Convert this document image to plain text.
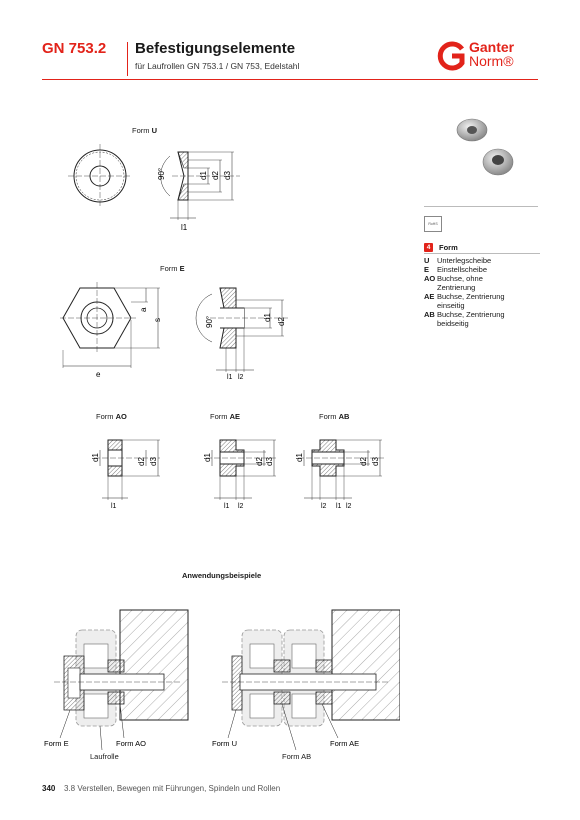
GN 753.2 Befestigungselemente
für Laufrollen GN 753.1 / GN 753, Edelstahl
Ganter
Norm®
Form U
90°	d1 d2 d3
l1
Form E
a
s
e
90°	d1 d2
l1 l2
Form AO	Form AE	Form AB
d1	d2 d3
l1
d1	d2 d3
l1 l2
d1	d2 d3
l2 l1 l2
Anwendungsbeispiele
Form E	Form AO	Form U	Form AE
Laufrolle	Form AB
RoHS
4	Form
U	Unterlegscheibe
E	Einstellscheibe
AO Buchse, ohne Zentrierung
AE Buchse, Zentrierung einseitig
AB Buchse, Zentrierung beidseitig
340 3.8 Verstellen, Bewegen mit Führungen, Spindeln und Rollen
